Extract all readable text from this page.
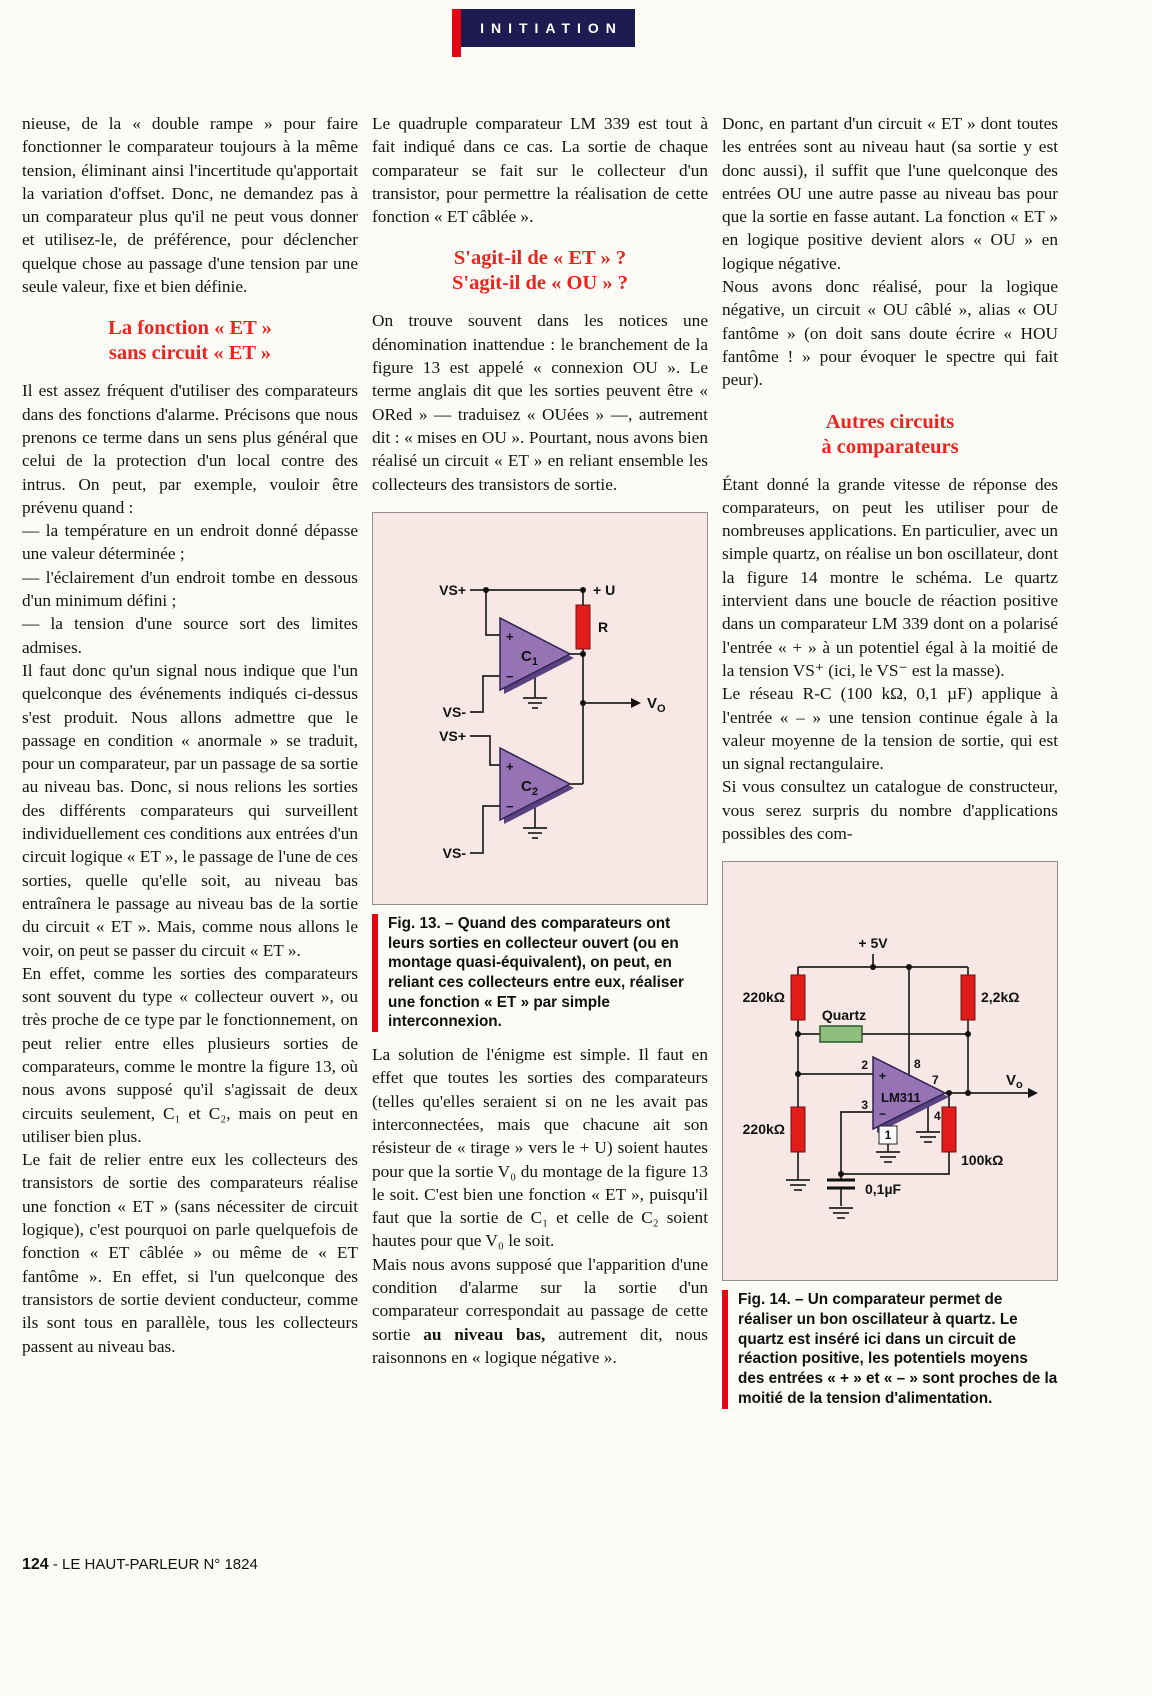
INITIATION

nieuse, de la « double rampe » pour faire fonctionner le comparateur toujours à la même tension, éliminant ainsi l'incertitude qu'apportait la variation d'offset. Donc, ne demandez pas à un comparateur plus qu'il ne peut vous donner et utilisez-le, de préférence, pour déclencher quelque chose au passage d'une tension par une seule valeur, fixe et bien définie.

La fonction « ET »
sans circuit « ET »

Il est assez fréquent d'utiliser des comparateurs dans des fonctions d'alarme. Précisons que nous prenons ce terme dans un sens plus général que celui de la protection d'un local contre des intrus. On peut, par exemple, vouloir être prévenu quand :

— la température en un endroit donné dépasse une valeur déterminée ;

— l'éclairement d'un endroit tombe en dessous d'un minimum défini ;

— la tension d'une source sort des limites admises.

Il faut donc qu'un signal nous indique que l'un quelconque des événements indiqués ci-dessus s'est produit. Nous allons admettre que le passage en condition « anormale » se traduit, pour un comparateur, par un passage de sa sortie au niveau bas. Donc, si nous relions les sorties des différents comparateurs qui surveillent individuellement ces conditions aux entrées d'un circuit logique « ET », le passage de l'une de ces sorties, quelle qu'elle soit, au niveau bas entraînera le passage au niveau bas de la sortie du circuit « ET ». Mais, comme nous allons le voir, on peut se passer du circuit « ET ».

En effet, comme les sorties des comparateurs sont souvent du type « collecteur ouvert », ou très proche de ce type par le fonctionnement, on peut relier entre elles plusieurs sorties de comparateurs, comme le montre la figure 13, où nous avons supposé qu'il s'agissait de deux circuits seulement, C₁ et C₂, mais on peut en utiliser bien plus.

Le fait de relier entre eux les collecteurs des transistors de sortie des comparateurs réalise une fonction « ET » (sans nécessiter de circuit logique), c'est pourquoi on parle quelquefois de fonction « ET câblée » ou même de « ET fantôme ». En effet, si l'un quelconque des transistors de sortie devient conducteur, comme ils sont tous en parallèle, tous les collecteurs passent au niveau bas.

Le quadruple comparateur LM 339 est tout à fait indiqué dans ce cas. La sortie de chaque comparateur se fait sur le collecteur d'un transistor, pour permettre la réalisation de cette fonction « ET câblée ».

S'agit-il de « ET » ?
S'agit-il de « OU » ?

On trouve souvent dans les notices une dénomination inattendue : le branchement de la figure 13 est appelé « connexion OU ». Le terme anglais dit que les sorties peuvent être « ORed » — traduisez « OUées » —, autrement dit : « mises en OU ». Pourtant, nous avons bien réalisé un circuit « ET » en reliant ensemble les collecteurs des transistors de sortie.

VS+	+ U
R
+
−
$C_1$
+
−
$C_2$
$V_O$
VS-
VS+
VS-
Fig. 13. – Quand des comparateurs ont leurs sorties en collecteur ouvert (ou en montage quasi-équivalent), on peut, en reliant ces collecteurs entre eux, réaliser une fonction « ET » par simple interconnexion.

La solution de l'énigme est simple. Il faut en effet que toutes les sorties des comparateurs (telles qu'elles seraient si on ne les avait pas interconnectées, mais que chacune ait son résisteur de « tirage » vers le + U) soient hautes pour que la sortie V₀ du montage de la figure 13 le soit. C'est bien une fonction « ET », puisqu'il faut que la sortie de C₁ et celle de C₂ soient hautes pour que V₀ le soit.

Mais nous avons supposé que l'apparition d'une condition d'alarme sur la sortie d'un comparateur correspondait au passage de cette sortie au niveau bas, autrement dit, nous raisonnons en « logique négative ».

Donc, en partant d'un circuit « ET » dont toutes les entrées sont au niveau haut (sa sortie y est donc aussi), il suffit que l'une quelconque des entrées OU une autre passe au niveau bas pour que la sortie en fasse autant. La fonction « ET » en logique positive devient alors « OU » en logique négative.

Nous avons donc réalisé, pour la logique négative, un circuit « OU câblé », alias « OU fantôme » (on doit sans doute écrire « HOU fantôme ! » pour évoquer le spectre qui fait peur).

Autres circuits
à comparateurs

Étant donné la grande vitesse de réponse des comparateurs, on peut les utiliser pour de nombreuses applications. En particulier, avec un simple quartz, on réalise un bon oscillateur, dont la figure 14 montre le schéma. Le quartz intervient dans une boucle de réaction positive dans un comparateur LM 339 dont on a polarisé l'entrée « + » à un potentiel égal à la moitié de la tension VS⁺ (ici, le VS⁻ est la masse).

Le réseau R-C (100 kΩ, 0,1 µF) applique à l'entrée « – » une tension continue égale à la valeur moyenne de la tension de sortie, qui est un signal rectangulaire.

Si vous consultez un catalogue de constructeur, vous serez surpris du nombre d'applications possibles des com-

+ 5V
220kΩ
220kΩ
2,2kΩ
100kΩ
Quartz
LM311
+
−
2
3
8
7
4
1
$V_o$
0,1µF
Fig. 14. – Un comparateur permet de réaliser un bon oscillateur à quartz. Le quartz est inséré ici dans un circuit de réaction positive, les potentiels moyens des entrées « + » et « – » sont proches de la moitié de la tension d'alimentation.
124 - LE HAUT-PARLEUR N° 1824
